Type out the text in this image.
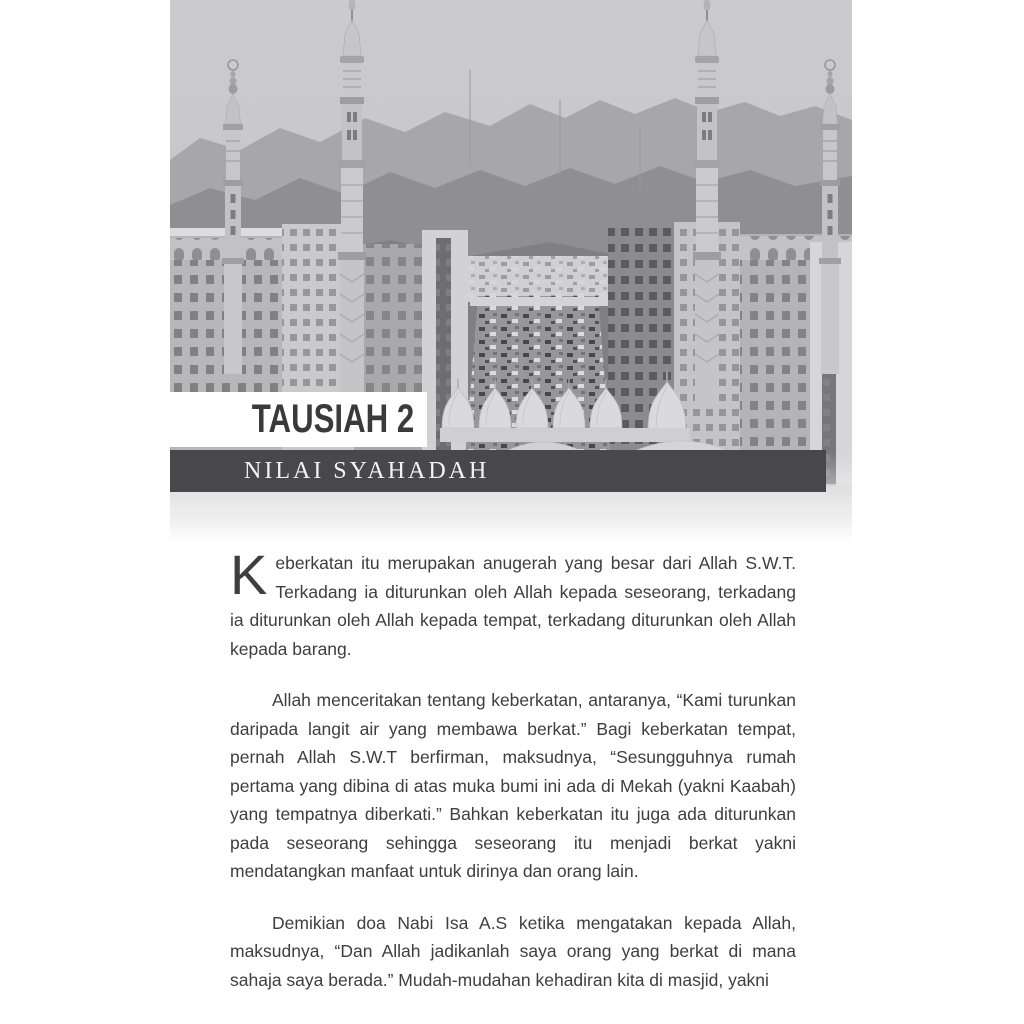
TAUSIAH 2
NILAI SYAHADAH

Keberkatan itu merupakan anugerah yang besar dari Allah S.W.T. Terkadang ia diturunkan oleh Allah kepada seseorang, terkadang ia diturunkan oleh Allah kepada tempat, terkadang diturunkan oleh Allah kepada barang.

Allah menceritakan tentang keberkatan, antaranya, “Kami turunkan daripada langit air yang membawa berkat.” Bagi keberkatan tempat, pernah Allah S.W.T berfirman, maksudnya, “Sesungguhnya rumah pertama yang dibina di atas muka bumi ini ada di Mekah (yakni Kaabah) yang tempatnya diberkati.” Bahkan keberkatan itu juga ada diturunkan pada seseorang sehingga seseorang itu menjadi berkat yakni mendatangkan manfaat untuk dirinya dan orang lain.

Demikian doa Nabi Isa A.S ketika mengatakan kepada Allah, maksudnya, “Dan Allah jadikanlah saya orang yang berkat di mana sahaja saya berada.” Mudah-mudahan kehadiran kita di masjid, yakni
